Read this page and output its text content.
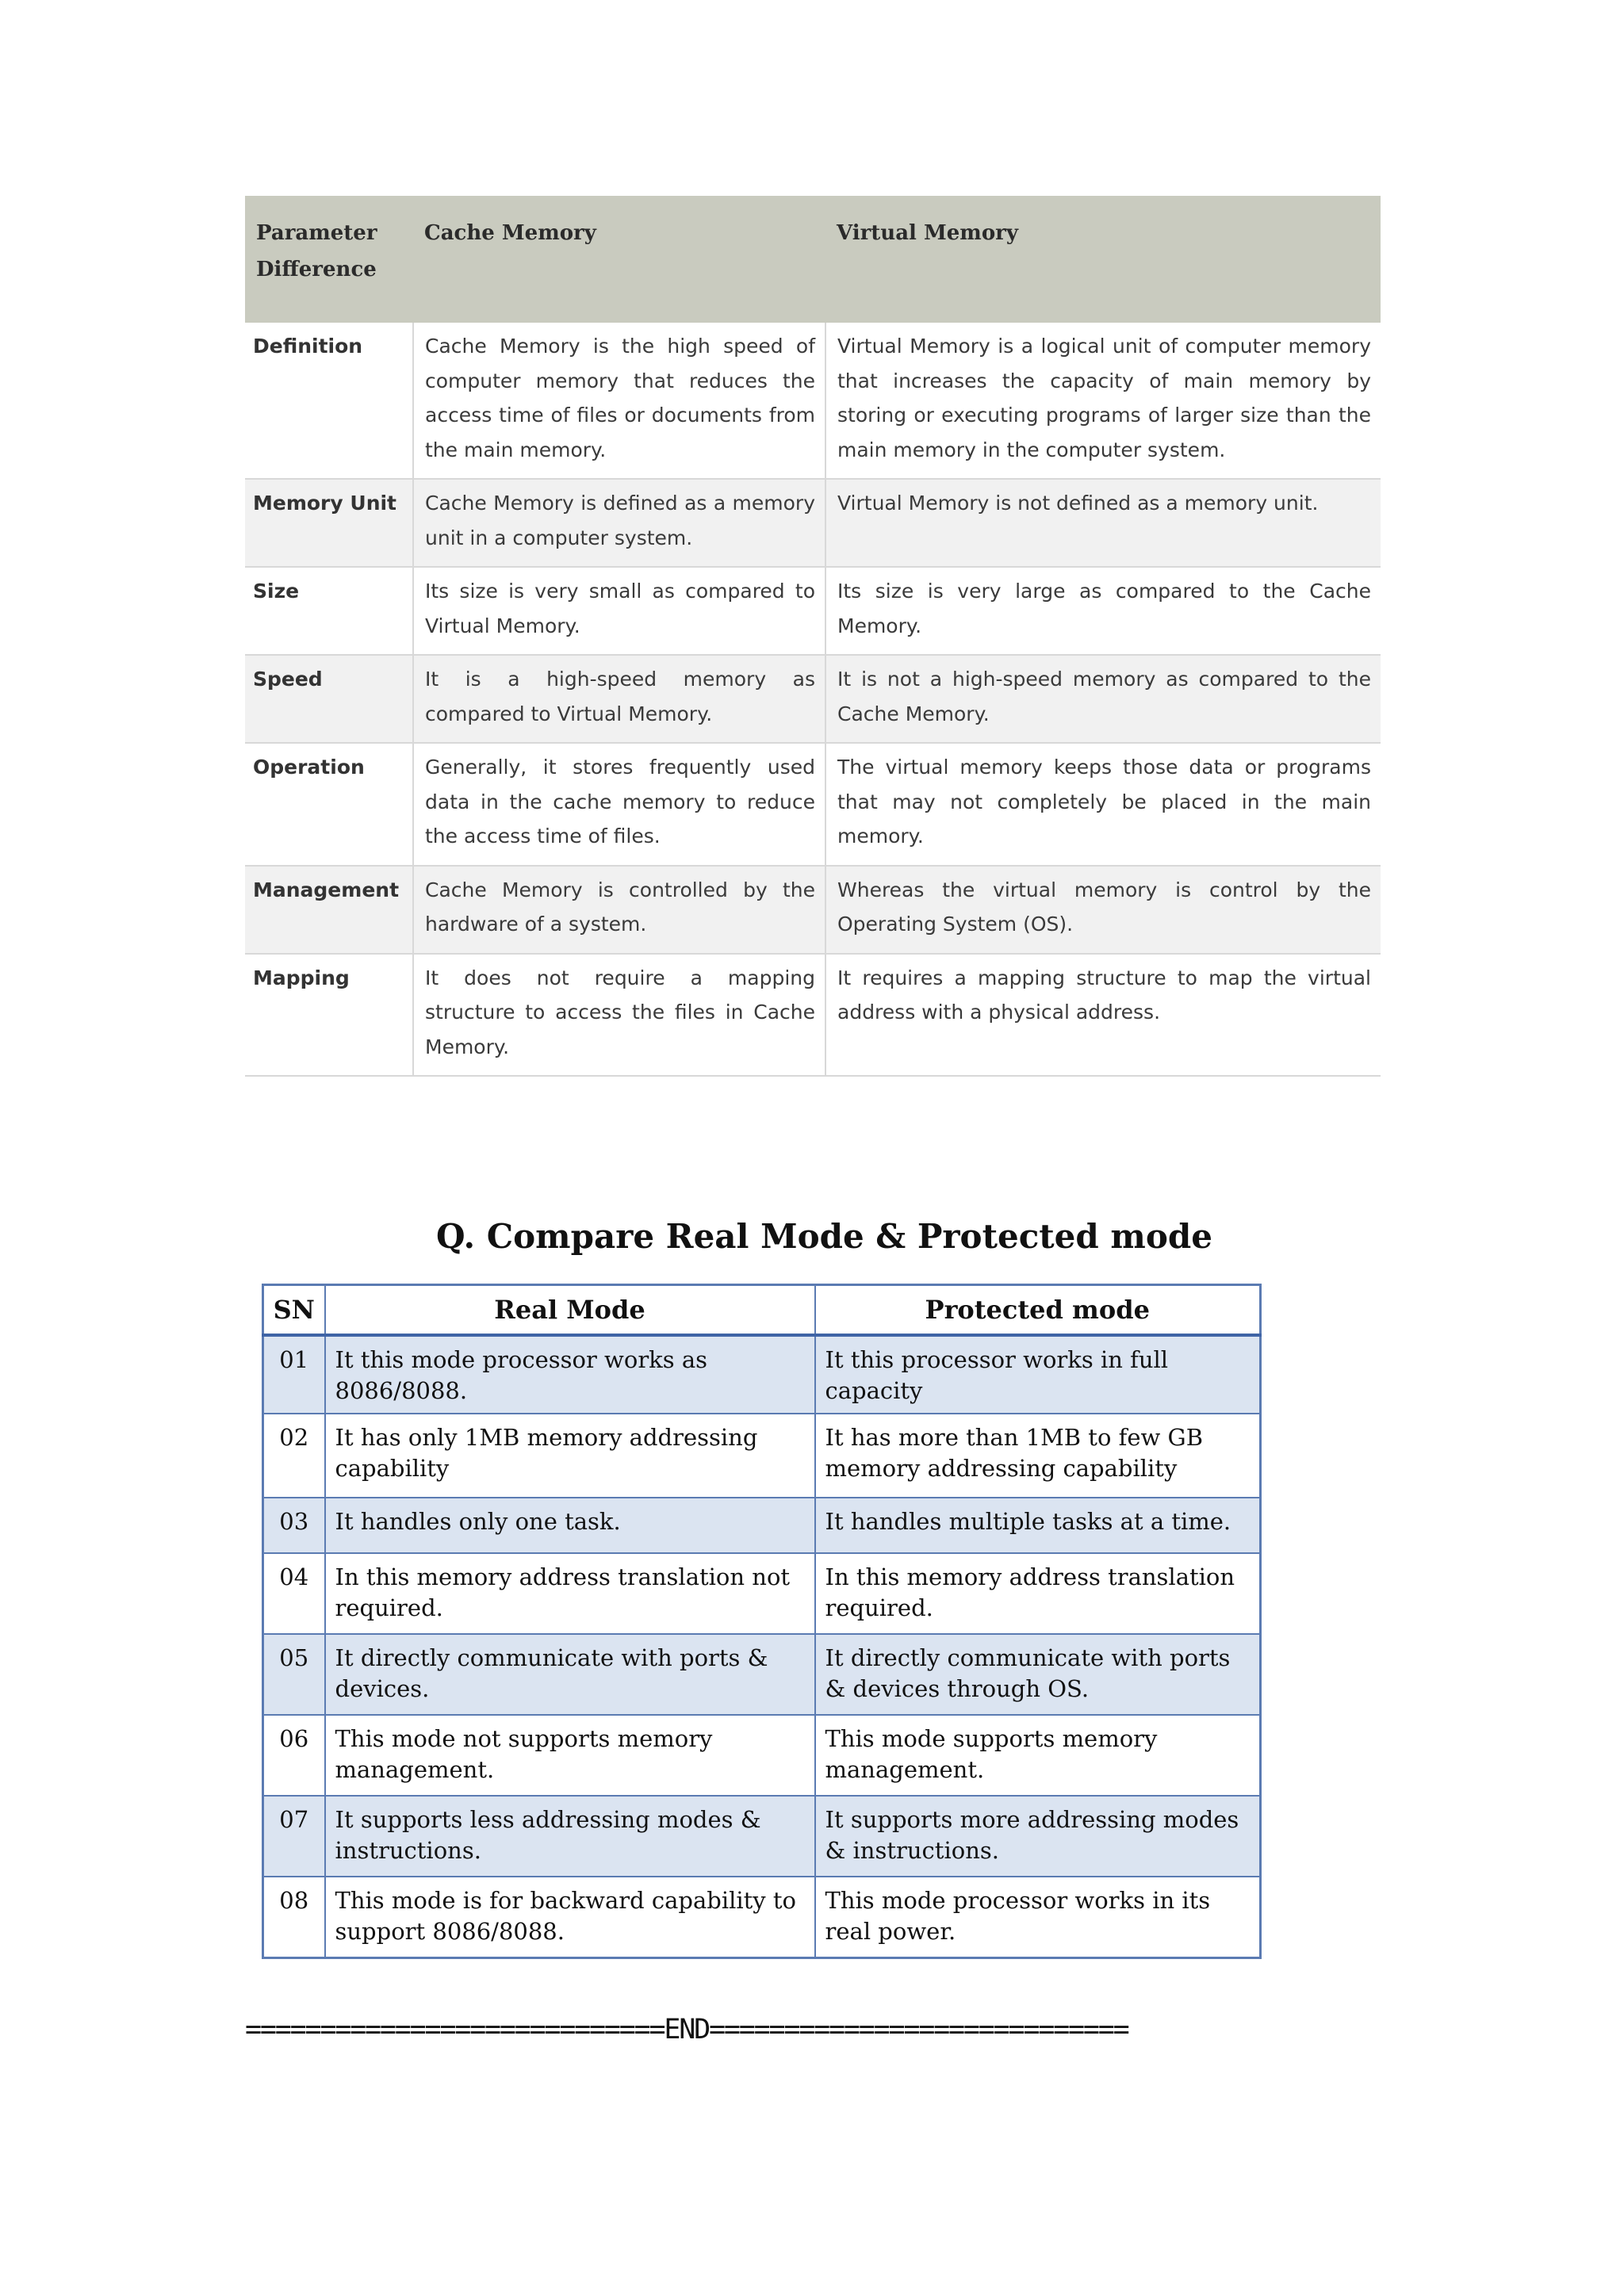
Parameter Difference	Cache Memory	Virtual Memory
Definition	Cache Memory is the high speed of computer memory that reduces the access time of files or documents from the main memory.	Virtual Memory is a logical unit of computer memory that increases the capacity of main memory by storing or executing programs of larger size than the main memory in the computer system.
Memory Unit	Cache Memory is defined as a memory unit in a computer system.	Virtual Memory is not defined as a memory unit.
Size	Its size is very small as compared to Virtual Memory.	Its size is very large as compared to the Cache Memory.
Speed	It is a high-speed memory as compared to Virtual Memory.	It is not a high-speed memory as compared to the Cache Memory.
Operation	Generally, it stores frequently used data in the cache memory to reduce the access time of files.	The virtual memory keeps those data or programs that may not completely be placed in the main memory.
Management	Cache Memory is controlled by the hardware of a system.	Whereas the virtual memory is control by the Operating System (OS).
Mapping	It does not require a mapping structure to access the files in Cache Memory.	It requires a mapping structure to map the virtual address with a physical address.
Q. Compare Real Mode & Protected mode
SN	Real Mode	Protected mode
01	It this mode processor works as 8086/8088.	It this processor works in full capacity
02	It has only 1MB memory addressing capability	It has more than 1MB to few GB memory addressing capability
03	It handles only one task.	It handles multiple tasks at a time.
04	In this memory address translation not required.	In this memory address translation required.
05	It directly communicate with ports & devices.	It directly communicate with ports & devices through OS.
06	This mode not supports memory management.	This mode supports memory management.
07	It supports less addressing modes & instructions.	It supports more addressing modes & instructions.
08	This mode is for backward capability to support 8086/8088.	This mode processor works in its real power.

============================END============================
